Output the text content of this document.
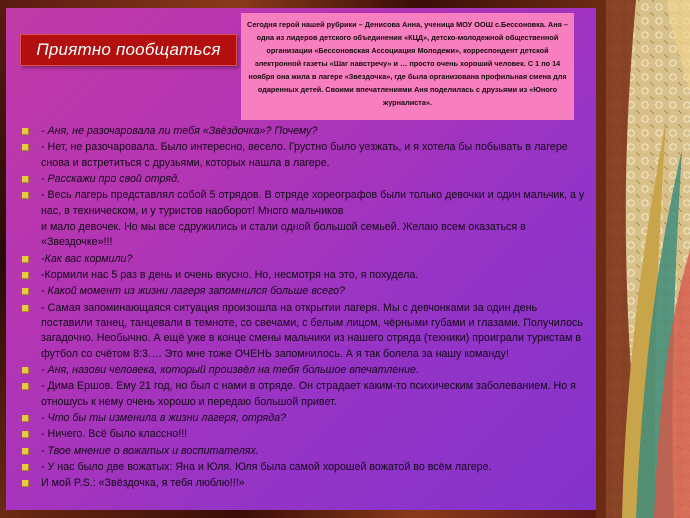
Приятно пообщаться
Сегодня герой нашей рубрики – Денисова Анна, ученица МОУ ООШ с.Бессоновка. Аня – одна из лидеров детского объединения «КЦД», детско-молодежной общественной организации «Бессоновская Ассоциация Молодежи», корреспондент детской электронной газеты «Шаг навстречу» и … просто очень хороший человек. С 1 по 14 ноября она жила в лагере «Звездочка», где была организована профильная смена для одаренных детей. Своими впечатлениями Аня поделилась с друзьями из «Юного журналиста».
- Аня, не разочаровала ли тебя «Звёздочка»? Почему?
- Нет, не разочаровала. Было интересно, весело. Грустно было уезжать, и я хотела бы побывать в лагере снова и встретиться с друзьями, которых нашла в лагере.
- Расскажи про свой отряд.
- Весь лагерь представлял собой 5 отрядов. В отряде хореографов были только девочки и один мальчик, а у нас, в техническом, и у туристов наоборот! Много мальчиков
и мало девочек. Но мы все сдружились и стали одной большой семьей. Желаю всем оказаться в «Звездочке»!!!
-Как вас кормили?
-Кормили нас 5 раз в день и очень вкусно. Но, несмотря на это, я похудела.
- Какой момент из жизни лагеря запомнился больше всего?
- Самая запоминающаяся ситуация произошла на открытии лагеря. Мы с девчонками за один день поставили танец, танцевали в темноте, со свечами, с белым лицом, чёрными губами и глазами. Получилось загадочно. Необычно. А ещё уже в конце смены мальчики из нашего отряда (техники) проиграли туристам в футбол со счётом 8:3…. Это мне тоже ОЧЕНЬ запомнилось. А я так болела за нашу команду!
- Аня, назови человека, который произвёл на тебя большое впечатление.
- Дима Ершов. Ему 21 год, но был с нами в отряде. Он страдает каким-то психическим заболеванием. Но я отношусь к нему очень хорошо и передаю большой привет.
- Что бы ты изменила в жизни лагеря, отряда?
- Ничего. Всё было классно!!!
- Твое мнение о вожатых и воспитателях.
- У нас было две вожатых: Яна и Юля. Юля была самой хорошей вожатой во всём лагере.
И мой P.S.: «Звёздочка, я тебя люблю!!!»
